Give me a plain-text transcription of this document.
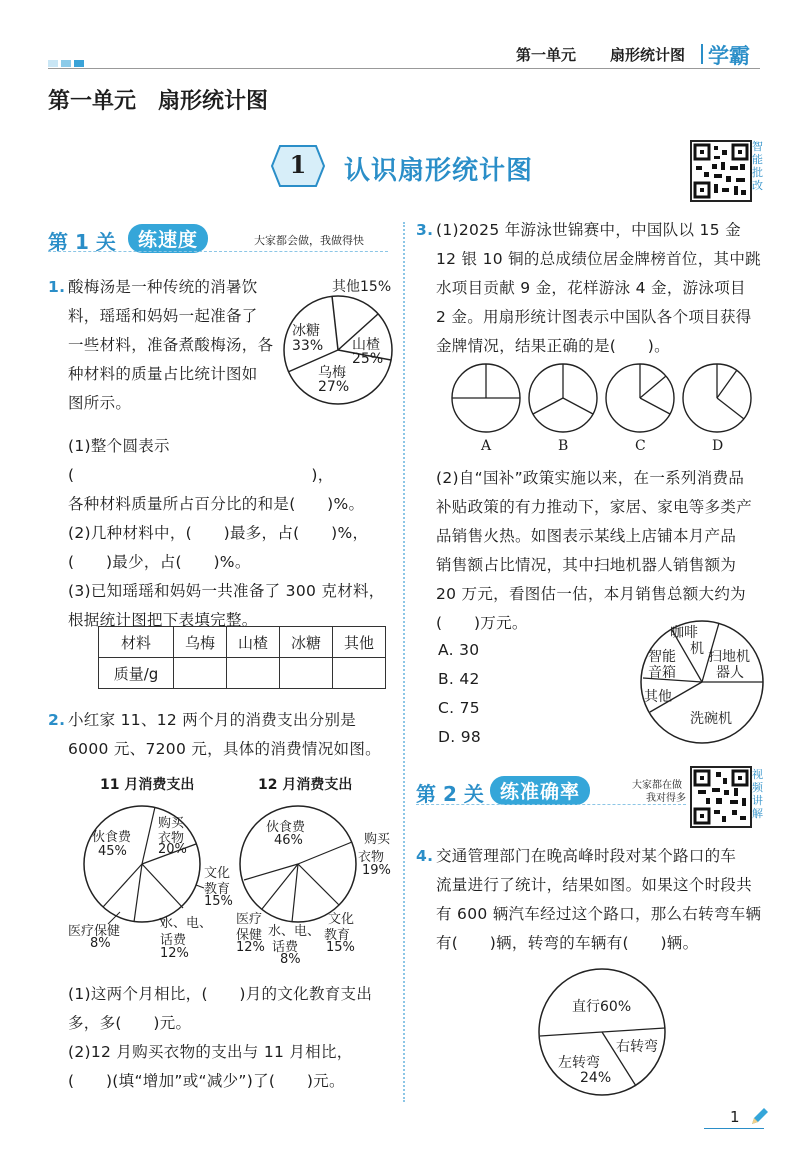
第一单元 扇形统计图 学霸
第一单元　扇形统计图
1	认识扇形统计图
智能批改
第 1 关	练速度	大家都会做，我做得快
1. 酸梅汤是一种传统的消暑饮
料，瑶瑶和妈妈一起准备了
一些材料，准备煮酸梅汤，各
种材料的质量占比统计图如
图所示。
其他15%
冰糖
33% 山楂
25%
乌梅
27%
(1)整个圆表示(　　　　　　　　　　　　　　　)，
各种材料质量所占百分比的和是(　　)%。
(2)几种材料中，(　　)最多，占(　　)%，
(　　)最少，占(　　)%。
(3)已知瑶瑶和妈妈一共准备了 300 克材料，
根据统计图把下表填完整。
材料	乌梅	山楂	冰糖	其他
质量/g				
2. 小红家 11、12 两个月的消费支出分别是
6000 元、7200 元，具体的消费情况如图。
11 月消费支出	12 月消费支出
伙食费
45%
购买
衣物
20%
文化
教育
15%
医疗保健
8%
水、电、
话费
12%
伙食费
46%	购买
衣物
19%
文化
教育
15%
医疗
保健
12%
水、电、
话费
8%
(1)这两个月相比，(　　)月的文化教育支出
多，多(　　)元。
(2)12 月购买衣物的支出与 11 月相比，
(　　)(填“增加”或“减少”)了(　　)元。
3. (1)2025 年游泳世锦赛中，中国队以 15 金
12 银 10 铜的总成绩位居金牌榜首位，其中跳
水项目贡献 9 金，花样游泳 4 金，游泳项目
2 金。用扇形统计图表示中国队各个项目获得
金牌情况，结果正确的是(　　)。
A	B	C	D
(2)自“国补”政策实施以来，在一系列消费品
补贴政策的有力推动下，家居、家电等多类产
品销售火热。如图表示某线上店铺本月产品
销售额占比情况，其中扫地机器人销售额为
20 万元，看图估一估，本月销售总额大约为
(　　)万元。
A. 30
B. 42
C. 75
D. 98
咖啡
机
智能
音箱
扫地机
器人
其他
洗碗机
第 2 关 练准确率	大家都在做
我对得多
视频讲解
4. 交通管理部门在晚高峰时段对某个路口的车
流量进行了统计，结果如图。如果这个时段共
有 600 辆汽车经过这个路口，那么右转弯车辆
有(　　)辆，转弯的车辆有(　　)辆。
直行60%
右转弯
左转弯
24%
1
